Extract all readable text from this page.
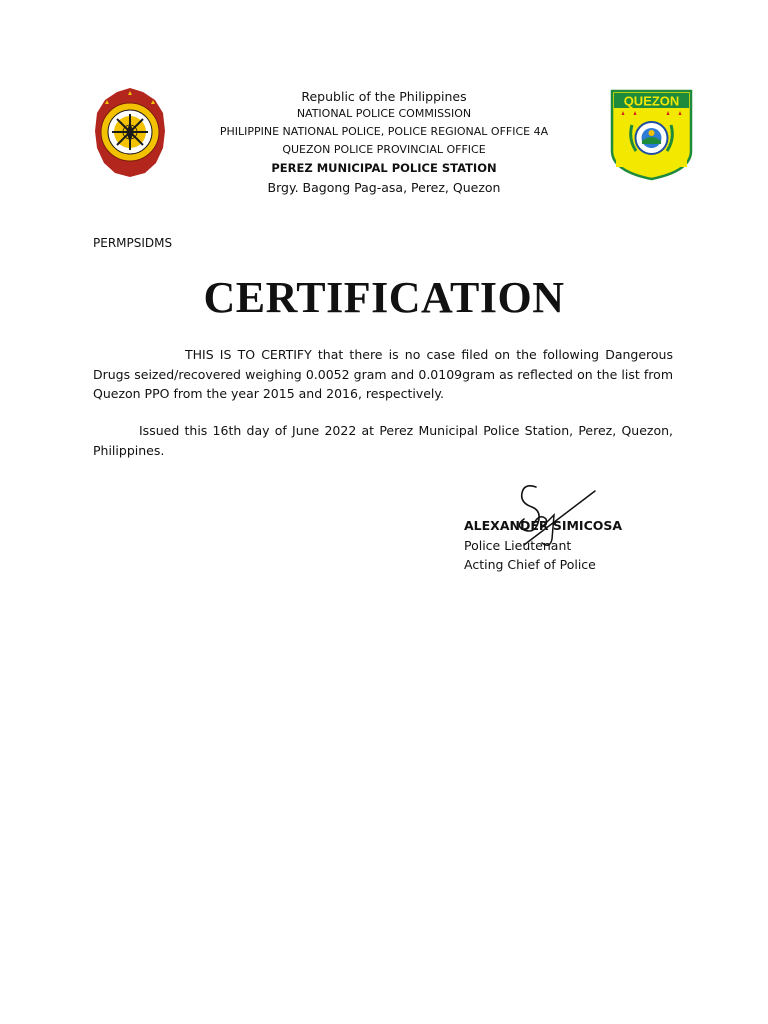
Republic of the Philippines
NATIONAL POLICE COMMISSION
PHILIPPINE NATIONAL POLICE, POLICE REGIONAL OFFICE 4A
QUEZON POLICE PROVINCIAL OFFICE
PEREZ MUNICIPAL POLICE STATION
Brgy. Bagong Pag-asa, Perez, Quezon
QUEZON
PERMPSIDMS
CERTIFICATION
THIS IS TO CERTIFY that there is no case filed on the following Dangerous Drugs seized/recovered weighing 0.0052 gram and 0.0109gram as reflected on the list from Quezon PPO from the year 2015 and 2016, respectively.
Issued this 16th day of June 2022 at Perez Municipal Police Station, Perez, Quezon, Philippines.
ALEXANDER SIMICOSA
Police Lieutenant
Acting Chief of Police
